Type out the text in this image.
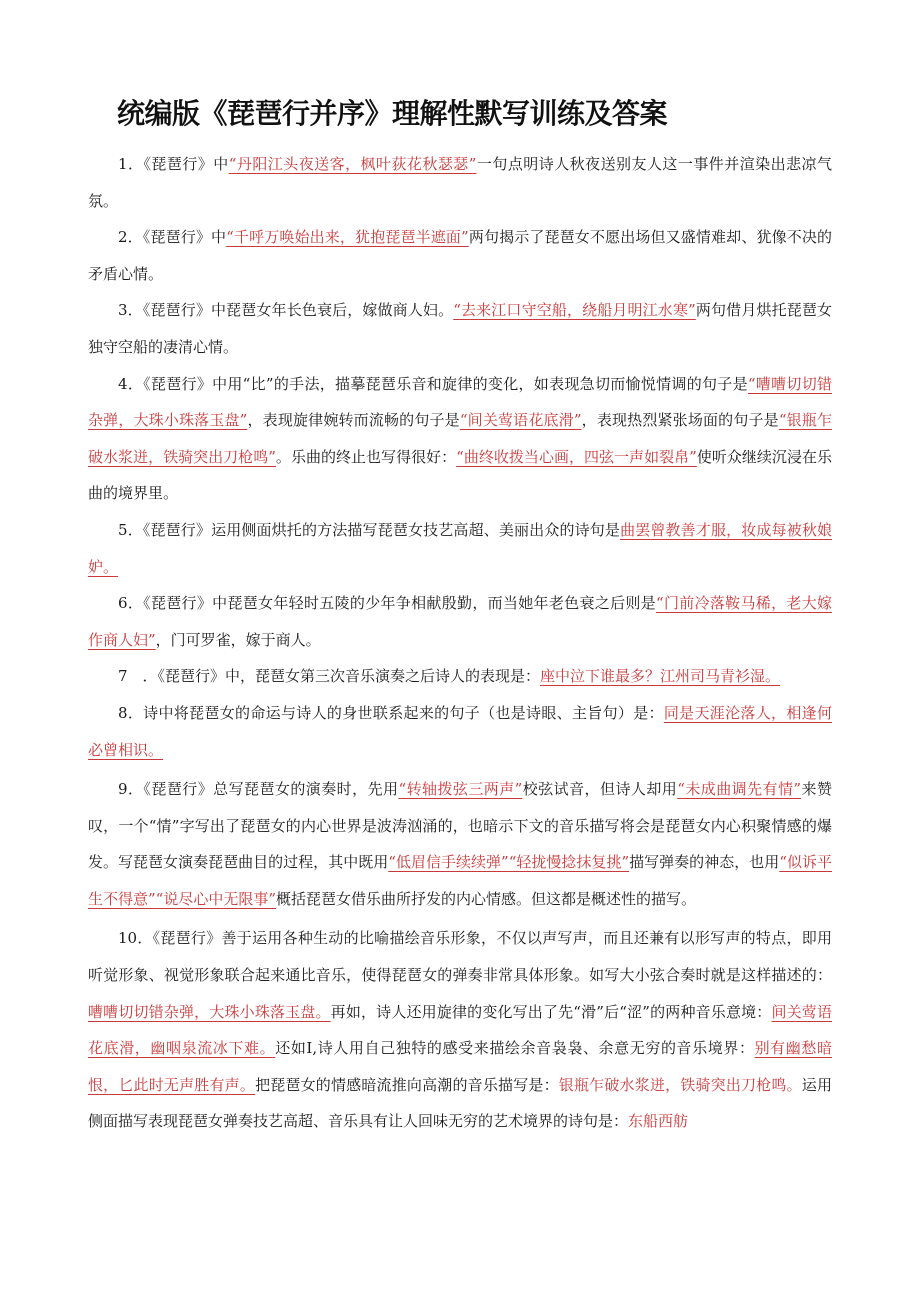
统编版《琵琶行并序》理解性默写训练及答案

1．《琵琶行》中“丹阳江头夜送客，枫叶荻花秋瑟瑟”一句点明诗人秋夜送别友人这一事件并渲染出悲凉气氛。

2．《琵琶行》中“千呼万唤始出来，犹抱琵琶半遮面”两句揭示了琵琶女不愿出场但又盛情难却、犹像不决的矛盾心情。

3．《琵琶行》中琵琶女年长色衰后，嫁做商人妇。“去来江口守空船，绕船月明江水寒”两句借月烘托琵琶女独守空船的凄清心情。

4．《琵琶行》中用“比”的手法，描摹琵琶乐音和旋律的变化，如表现急切而愉悦情调的句子是“嘈嘈切切错杂弹，大珠小珠落玉盘”，表现旋律婉转而流畅的句子是“间关莺语花底滑”，表现热烈紧张场面的句子是“银瓶乍破水浆迸，铁骑突出刀枪鸣”。乐曲的终止也写得很好：“曲终收拨当心画，四弦一声如裂帛”使听众继续沉浸在乐曲的境界里。

5．《琵琶行》运用侧面烘托的方法描写琵琶女技艺高超、美丽出众的诗句是曲罢曾教善才服，妆成每被秋娘妒。

6．《琵琶行》中琵琶女年轻时五陵的少年争相献殷勤，而当她年老色衰之后则是“门前冷落鞍马稀，老大嫁作商人妇”，门可罗雀，嫁于商人。

7　．《琵琶行》中，琵琶女第三次音乐演奏之后诗人的表现是：座中泣下谁最多？江州司马青衫湿。

8．诗中将琵琶女的命运与诗人的身世联系起来的句子（也是诗眼、主旨句）是：同是天涯沦落人，相逢何必曾相识。

9．《琵琶行》总写琵琶女的演奏时，先用“转轴拨弦三两声”校弦试音，但诗人却用“未成曲调先有情”来赞叹，一个“情”字写出了琵琶女的内心世界是波涛汹涌的，也暗示下文的音乐描写将会是琵琶女内心积聚情感的爆发。写琵琶女演奏琵琶曲目的过程，其中既用“低眉信手续续弹”“轻拢慢捻抹复挑”描写弹奏的神态，也用“似诉平生不得意”“说尽心中无限事”概括琵琶女借乐曲所抒发的内心情感。但这都是概述性的描写。

10．《琵琶行》善于运用各种生动的比喻描绘音乐形象，不仅以声写声，而且还兼有以形写声的特点，即用听觉形象、视觉形象联合起来通比音乐，使得琵琶女的弹奏非常具体形象。如写大小弦合奏时就是这样描述的：嘈嘈切切错杂弹，大珠小珠落玉盘。再如，诗人还用旋律的变化写出了先“滑”后“涩”的两种音乐意境：间关莺语花底滑，幽咽泉流冰下难。还如I,诗人用自己独特的感受来描绘余音袅袅、余意无穷的音乐境界：别有幽愁暗恨，匕此时无声胜有声。把琵琶女的情感暗流推向高潮的音乐描写是：银瓶乍破水浆迸，铁骑突出刀枪鸣。运用侧面描写表现琵琶女弹奏技艺高超、音乐具有让人回味无穷的艺术境界的诗句是：东船西舫
